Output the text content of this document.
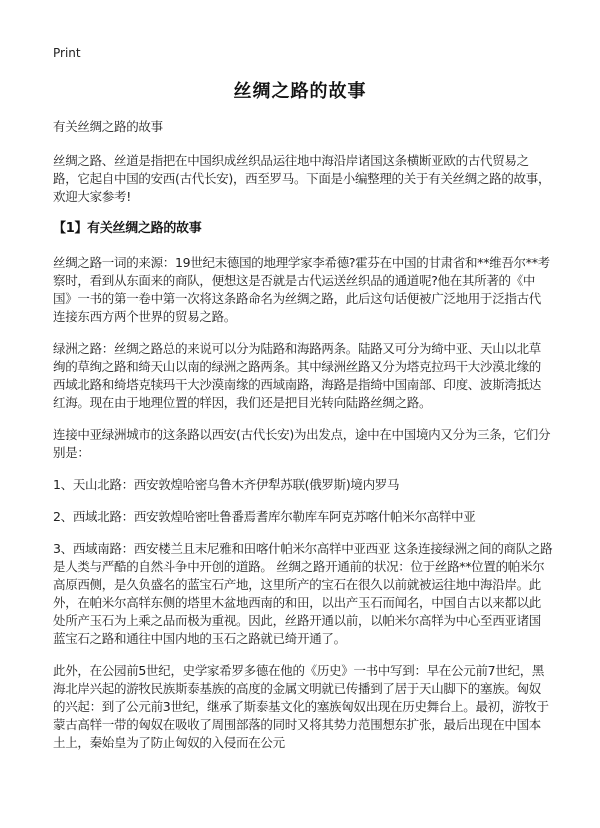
Print
丝绸之路的故事

有关丝绸之路的故事

丝绸之路、丝道是指把在中国织成丝织品运往地中海沿岸诸国这条横断亚欧的古代贸易之路，它起自中国的安西(古代长安)，西至罗马。下面是小编整理的关于有关丝绸之路的故事，欢迎大家参考!

【1】有关丝绸之路的故事

丝绸之路一词的来源：19世纪末德国的地理学家李希德?霍芬在中国的甘肃省和**维吾尔**考察时，看到从东面来的商队，便想这是否就是古代运送丝织品的通道呢?他在其所著的《中国》一书的第一卷中第一次将这条路命名为丝绸之路，此后这句话便被广泛地用于泛指古代连接东西方两个世界的贸易之路。

绿洲之路：丝绸之路总的来说可以分为陆路和海路两条。陆路又可分为绮中亚、天山以北草绚的草绚之路和绮天山以南的绿洲之路两条。其中绿洲丝路又分为塔克拉玛干大沙漠北缘的西域北路和绮塔克犊玛干大沙漠南缘的西域南路，海路是指绮中国南部、印度、波斯湾抵达红海。现在由于地理位置的䍧因，我们还是把目光转向陆路丝绸之路。

连接中亚绿洲城市的这条路以西安(古代长安)为出发点，途中在中国境内又分为三条，它们分别是：

1、天山北路：西安敦煌哈密乌鲁木齐伊犁苏联(俄罗斯)境内罗马

2、西域北路：西安敦煌哈密吐鲁番焉耆库尔勒库车阿克苏喀什帕米尔高䍧中亚

3、西域南路：西安楼兰且末尼雅和田喀什帕米尔高䍧中亚西亚 这条连接绿洲之间的商队之路是人类与严酷的自然斗争中开创的道路。 丝绸之路开通前的状况：位于丝路**位置的帕米尔高原西侧，是久负盛名的蓝宝石产地，这里所产的宝石在很久以前就被运往地中海沿岸。此外，在帕米尔高䍧东侧的塔里木盆地西南的和田，以出产玉石而闻名，中国自古以来都以此处所产玉石为上乘之品而极为重视。因此，丝路开通以前，以帕米尔高䍧为中心至西亚诸国蓝宝石之路和通往中国内地的玉石之路就已绮开通了。

此外，在公园前5世纪，史学家希罗多德在他的《历史》一书中写到：早在公元前7世纪，黑海北岸兴起的游牧民族斯泰基族的高度的金属文明就已传播到了居于天山脚下的塞族。匈奴的兴起：到了公元前3世纪，继承了斯泰基文化的塞族匈奴出现在历史舞台上。最初，游牧于蒙古高䍧一带的匈奴在吸收了周围部落的同时又将其势力范围想东扩张，最后出现在中国本土上，秦始皇为了防止匈奴的入侵而在公元
